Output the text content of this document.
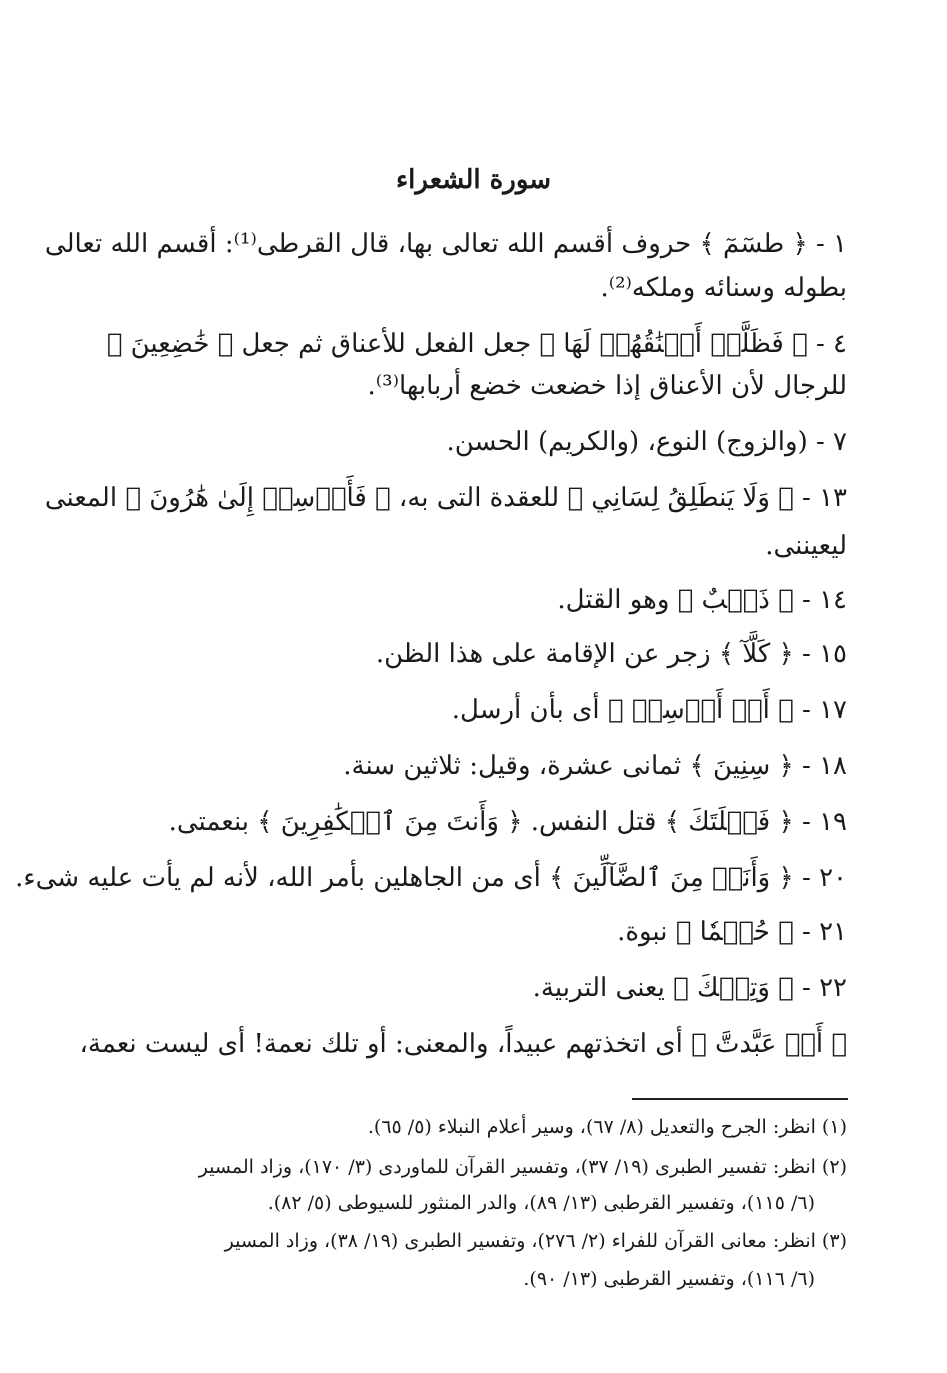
سورة الشعراء
١ - ﴿ طسٓمٓ ﴾ حروف أقسم الله تعالى بها، قال القرطى⁽¹⁾: أقسم الله تعالى
بطوله وسنائه وملكه⁽²⁾.
٤ - ﴿ فَظَلَّتۡ أَعۡنَٰقُهُمۡ لَهَا ﴾ جعل الفعل للأعناق ثم جعل ﴿ خَٰضِعِينَ ﴾
للرجال لأن الأعناق إذا خضعت خضع أربابها⁽³⁾.
٧ - (والزوج) النوع، (والكريم) الحسن.
١٣ - ﴿ وَلَا يَنطَلِقُ لِسَانِي ﴾ للعقدة التى به، ﴿ فَأَرۡسِلۡ إِلَىٰ هَٰرُونَ ﴾ المعنى
ليعيننى.
١٤ - ﴿ ذَنۢبٌ ﴾ وهو القتل.
١٥ - ﴿ كَلَّآ ﴾ زجر عن الإقامة على هذا الظن.
١٧ - ﴿ أَنۡ أَرۡسِلۡ ﴾ أى بأن أرسل.
١٨ - ﴿ سِنِينَ ﴾ ثمانى عشرة، وقيل: ثلاثين سنة.
١٩ - ﴿ فَعۡلَتَكَ ﴾ قتل النفس. ﴿ وَأَنتَ مِنَ ٱلۡكَٰفِرِينَ ﴾ بنعمتى.
٢٠ - ﴿ وَأَنَا۠ مِنَ ٱلضَّآلِّينَ ﴾ أى من الجاهلين بأمر الله، لأنه لم يأت عليه شىء.
٢١ - ﴿ حُكۡمٗا ﴾ نبوة.
٢٢ - ﴿ وَتِلۡكَ ﴾ يعنى التربية.
﴿ أَنۡ عَبَّدتَّ ﴾ أى اتخذتهم عبيداً، والمعنى: أو تلك نعمة! أى ليست نعمة،
(١) انظر: الجرح والتعديل (٨/ ٦٧)، وسير أعلام النبلاء (٥/ ٦٥).
(٢) انظر: تفسير الطبرى (١٩/ ٣٧)، وتفسير القرآن للماوردى (٣/ ١٧٠)، وزاد المسير
(٦/ ١١٥)، وتفسير القرطبى (١٣/ ٨٩)، والدر المنثور للسيوطى (٥/ ٨٢).
(٣) انظر: معانى القرآن للفراء (٢/ ٢٧٦)، وتفسير الطبرى (١٩/ ٣٨)، وزاد المسير
(٦/ ١١٦)، وتفسير القرطبى (١٣/ ٩٠).
